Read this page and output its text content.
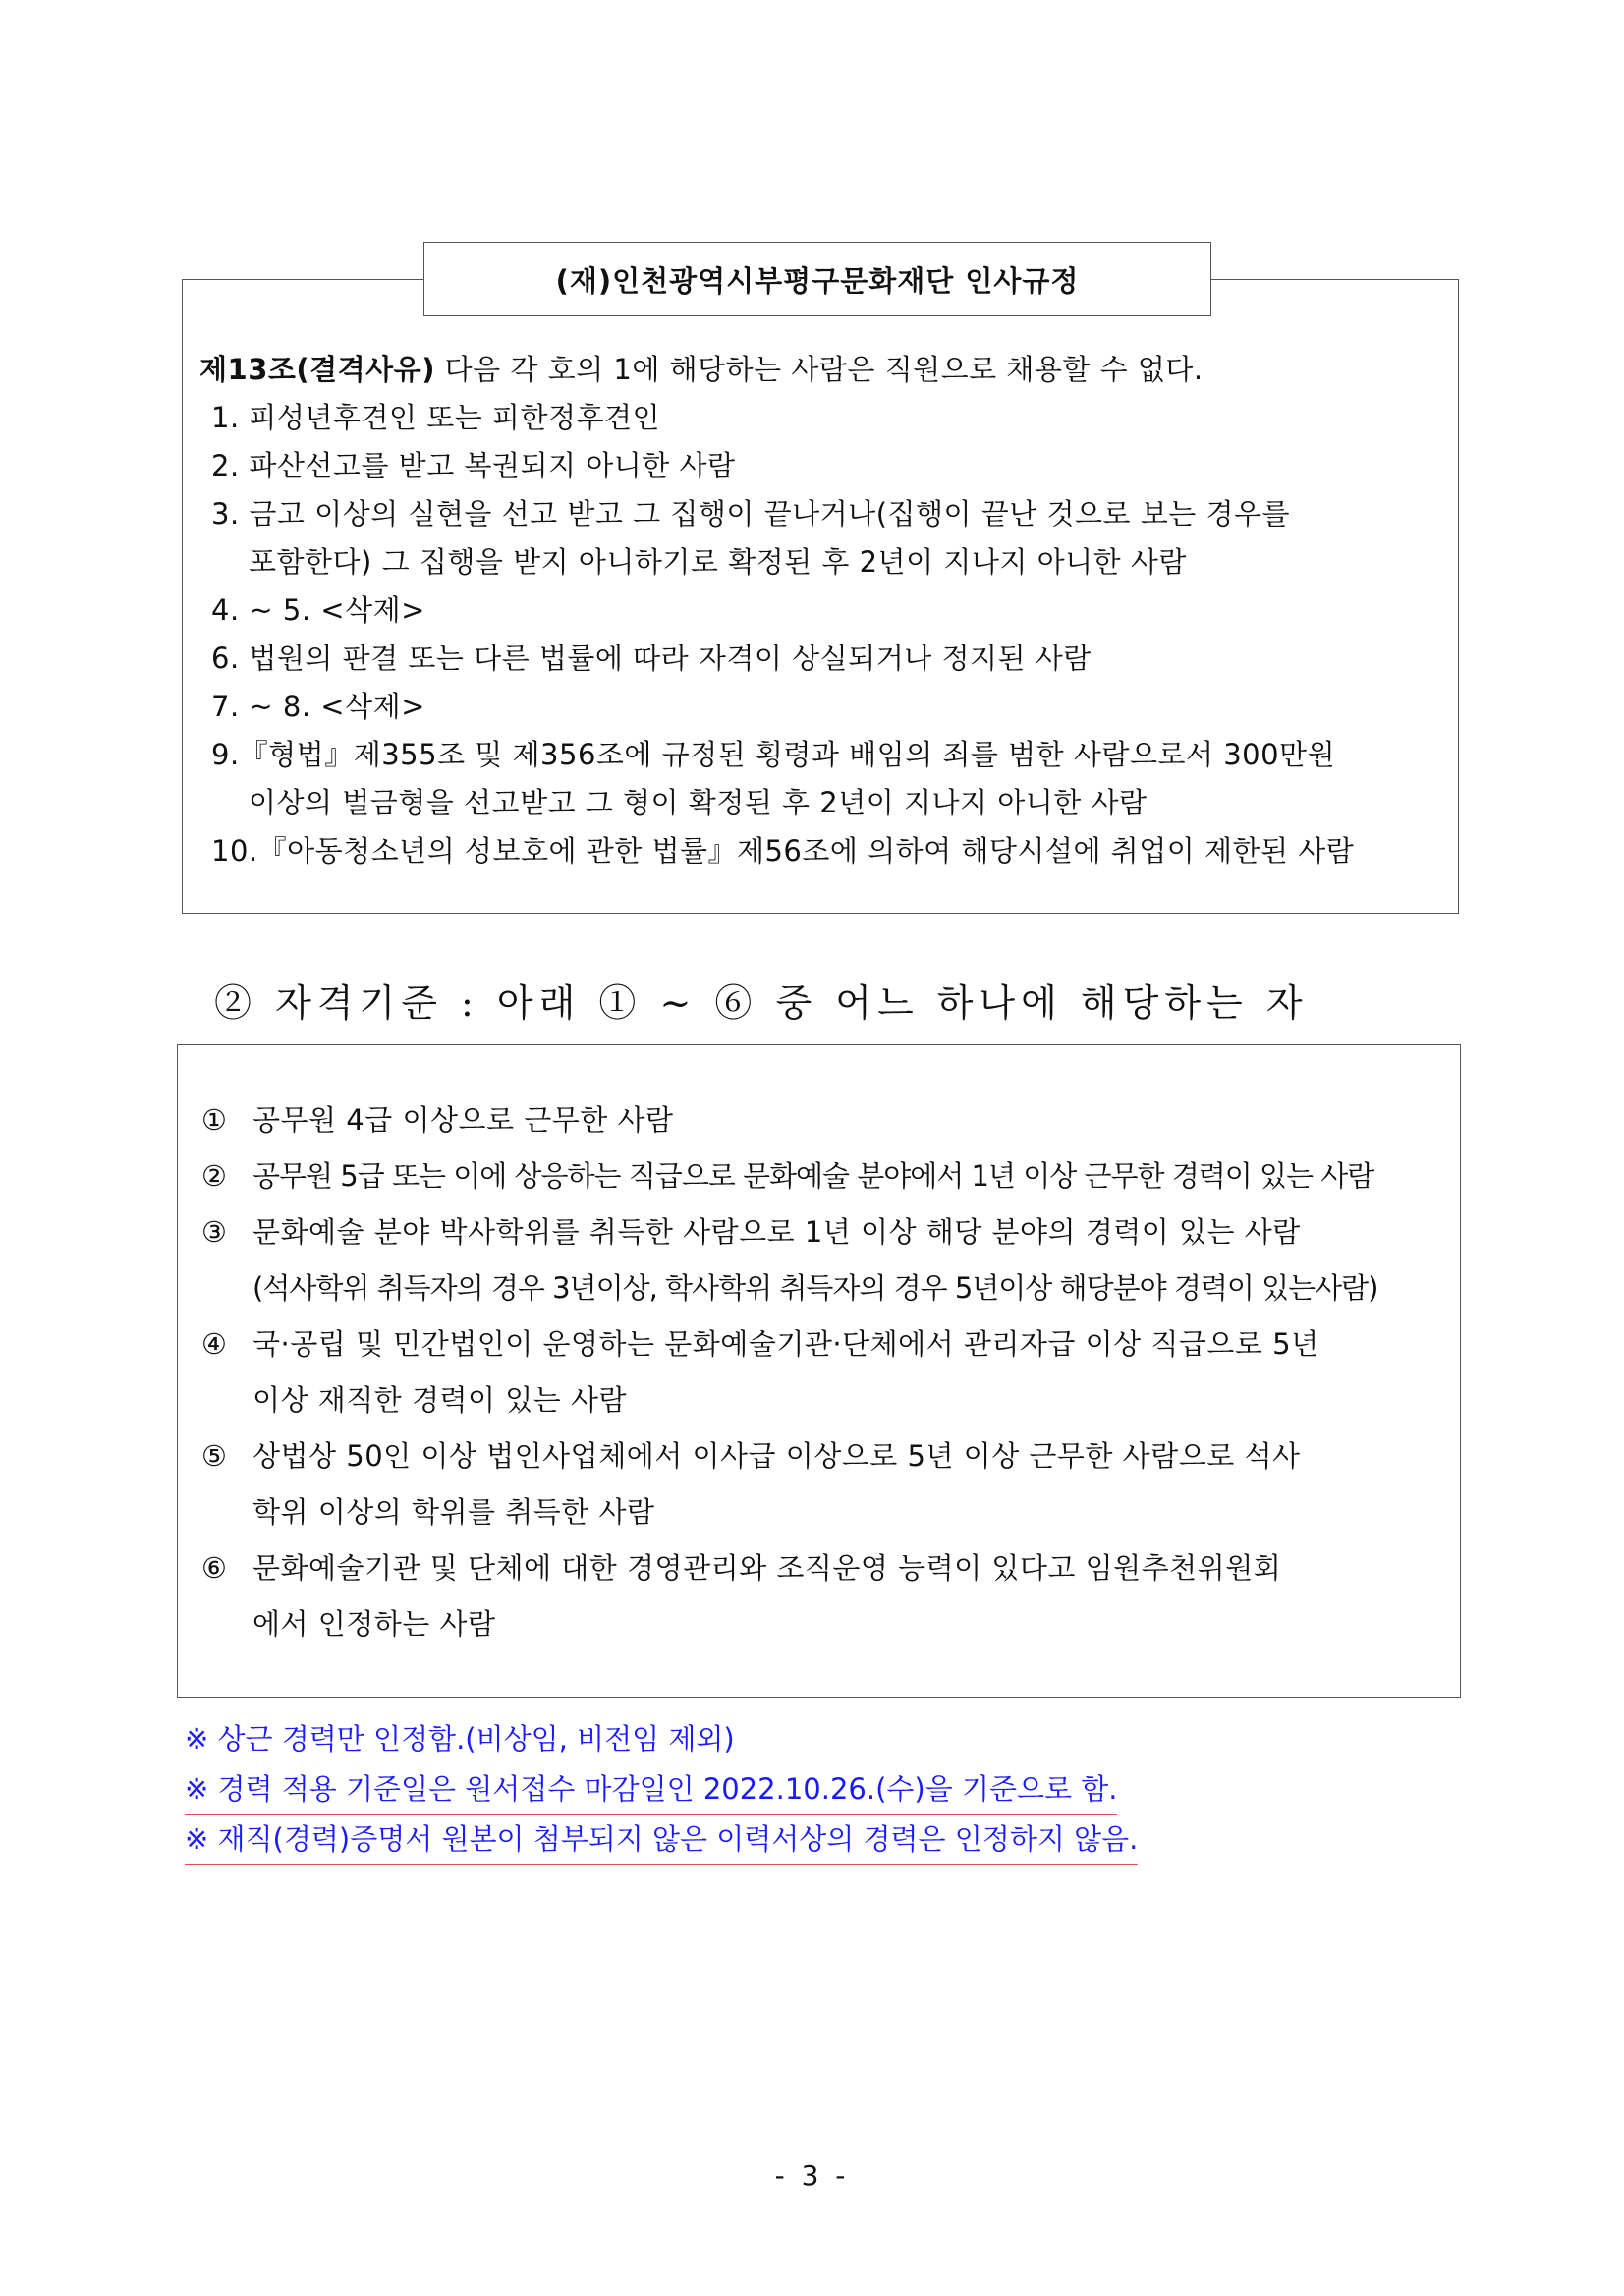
(재)인천광역시부평구문화재단 인사규정
제13조(결격사유) 다음 각 호의 1에 해당하는 사람은 직원으로 채용할 수 없다.
1. 피성년후견인 또는 피한정후견인
2. 파산선고를 받고 복권되지 아니한 사람
3. 금고 이상의 실현을 선고 받고 그 집행이 끝나거나(집행이 끝난 것으로 보는 경우를
포함한다) 그 집행을 받지 아니하기로 확정된 후 2년이 지나지 아니한 사람
4. ~ 5. <삭제>
6. 법원의 판결 또는 다른 법률에 따라 자격이 상실되거나 정지된 사람
7. ~ 8. <삭제>
9.『형법』제355조 및 제356조에 규정된 횡령과 배임의 죄를 범한 사람으로서 300만원
이상의 벌금형을 선고받고 그 형이 확정된 후 2년이 지나지 아니한 사람
10.『아동청소년의 성보호에 관한 법률』제56조에 의하여 해당시설에 취업이 제한된 사람
② 자격기준 : 아래 ① ~ ⑥ 중 어느 하나에 해당하는 자
① 공무원 4급 이상으로 근무한 사람
② 공무원 5급 또는 이에 상응하는 직급으로 문화예술 분야에서 1년 이상 근무한 경력이 있는 사람
③ 문화예술 분야 박사학위를 취득한 사람으로 1년 이상 해당 분야의 경력이 있는 사람
(석사학위 취득자의 경우 3년이상, 학사학위 취득자의 경우 5년이상 해당분야 경력이 있는사람)
④ 국·공립 및 민간법인이 운영하는 문화예술기관·단체에서 관리자급 이상 직급으로 5년
이상 재직한 경력이 있는 사람
⑤ 상법상 50인 이상 법인사업체에서 이사급 이상으로 5년 이상 근무한 사람으로 석사
학위 이상의 학위를 취득한 사람
⑥ 문화예술기관 및 단체에 대한 경영관리와 조직운영 능력이 있다고 임원추천위원회
에서 인정하는 사람
※ 상근 경력만 인정함.(비상임, 비전임 제외)
※ 경력 적용 기준일은 원서접수 마감일인 2022.10.26.(수)을 기준으로 함.
※ 재직(경력)증명서 원본이 첨부되지 않은 이력서상의 경력은 인정하지 않음.
- 3 -
